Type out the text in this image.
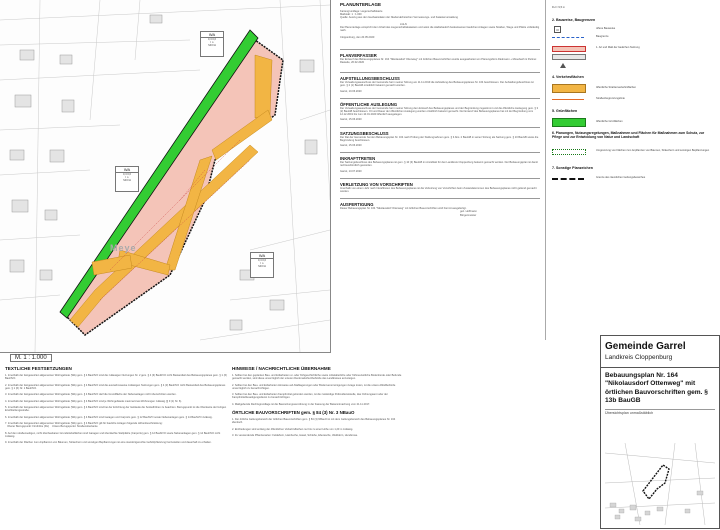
WA
0,3 0,6
I o
SD FH
WA
0,3 0,6
I o
SD FH
WA
0,3 0,6
I o
SD FH
Meye
M. 1 : 1.000
TEXTLICHE FESTSETZUNGEN
1. Innerhalb der festgesetzten allgemeinen Wohngebiete (WA) gem. § 4 BauNVO sind die zulässigen Nutzungen Nr. 2 gem. § 4 (3) BauNVO nicht Bestandteil des Bebauungsplanes gem. § 1 (6) BauNVO.

2. Innerhalb der festgesetzten allgemeinen Wohngebiete (WA) gem. § 4 BauNVO sind die ausnahmsweise zulässigen Nutzungen gem. § 4 (3) BauNVO nicht Bestandteil des Bebauungsplanes gem. § 1 (6) Nr. 1 BauNVO.

3. Innerhalb der festgesetzten allgemeinen Wohngebiete (WA) gem. § 4 BauNVO darf die Grundfläche der Nebenanlagen nicht überschritten werden.

4. Innerhalb der festgesetzten allgemeinen Wohngebiete (WA) gem. § 4 BauNVO sind je Wohngebäude maximal zwei Wohnungen zulässig (§ 9 (1) Nr. 6).

5. Innerhalb der festgesetzten allgemeinen Wohngebiete (WA) gem. § 4 BauNVO sind bei der Errichtung der Gebäude die Sockelhöhen zu beachten. Bezugspunkt ist die Oberkante der fertigen Erschließungsstraße.

6. Innerhalb der festgesetzten allgemeinen Wohngebiete (WA) gem. § 4 BauNVO sind Garagen und Carports gem. § 12 BauNVO sowie Nebenanlagen gem. § 14 BauNVO zulässig.

7. Innerhalb der festgesetzten allgemeinen Wohngebiete (WA) gem. § 4 BauNVO gilt für bauliche Anlagen folgende Höhenbeschränkung:
Oberer Bezugspunkt: Firsthöhe (FH)    Untere Bezugspunkt: Straßenoberkante

8. Auf den straßenseitigen, nicht überbaubaren Grundstücksflächen sind Garagen und überdachte Stellplätze (Carports) gem. § 12 BauNVO sowie Nebenanlagen gem. § 14 BauNVO nicht zulässig.

9. Innerhalb der Flächen zum Anpflanzen von Bäumen, Sträuchern und sonstigen Bepflanzungen ist eine standortgerechte Gehölzpflanzung herzustellen und dauerhaft zu erhalten.
HINWEISE / NACHRICHTLICHE ÜBERNAHME
1. Sollten bei den geplanten Bau- und Erdarbeiten ur- oder frühgeschichtliche sowie mittelalterliche oder frühneuzeitliche Bodenfunde oder Befunde gemacht werden, sind diese unverzüglich der unteren Denkmalschutzbehörde des Landkreises anzuzeigen.

2. Sollten bei den Bau- und Erdarbeiten Hinweise auf Altablagerungen oder Bodenverunreinigungen zutage treten, ist die untere Abfallbehörde unverzüglich zu benachrichtigen.

3. Sollten bei den Bau- und Erdarbeiten Kampfmittel gefunden werden, ist die zuständige Polizeidienststelle, das Ordnungsamt oder der Kampfmittelbeseitigungsdienst zu benachrichtigen.

4. Maßgebende Rechtsgrundlage ist die Baunutzungsverordnung in der Fassung der Bekanntmachung vom 21.11.2017.
ÖRTLICHE BAUVORSCHRIFTEN gem. § 84 (3) Nr. 3 NBauO
1. Der örtliche Geltungsbereich der örtlichen Bauvorschriften gem. § 84 (3) NBauO ist mit dem Geltungsbereich des Bebauungsplanes Nr. 164 identisch.

2. Einfriedungen sind entlang der öffentlichen Verkehrsflächen nur bis zu einer Höhe von 1,20 m zulässig.

3. Zu verwendende Pflanzenarten: Feldahorn, Hainbuche, Hasel, Schlehe, Eberesche, Weißdorn, Hundsrose.
PLANUNTERLAGE
Kartengrundlage: Liegenschaftskarte
Maßstab: 1 : 1.000
Quelle: Auszug aus den Geobasisdaten der Niedersächsischen Vermessungs- und Katasterverwaltung

LGLN
Die Planunterlage entspricht dem Inhalt des Liegenschaftskatasters und weist die städtebaulich bedeutsamen baulichen Anlagen sowie Straßen, Wege und Plätze vollständig nach.

Cloppenburg, den 20.05.2020
PLANVERFASSER
Der Entwurf des Bebauungsplanes Nr. 164 "Nikolausdorf Ottenweg" mit örtlichen Bauvorschriften wurde ausgearbeitet von Planungsbüro Diekmann + Mosebach & Partner.
Rastede, 26.02.2020
AUFSTELLUNGSBESCHLUSS
Der Verwaltungsausschuss der Gemeinde hat in seiner Sitzung am 11.11.2019 die Aufstellung des Bebauungsplanes Nr. 164 beschlossen. Der Aufstellungsbeschluss ist gem. § 2 (1) BauGB ortsüblich bekannt gemacht worden.
Garrel, 10.06.2020
ÖFFENTLICHE AUSLEGUNG
Der Verwaltungsausschuss der Gemeinde hat in seiner Sitzung dem Entwurf des Bebauungsplanes und der Begründung zugestimmt und die öffentliche Auslegung gem. § 3 (2) BauGB beschlossen. Ort und Dauer der öffentlichen Auslegung wurden ortsüblich bekannt gemacht. Der Entwurf des Bebauungsplanes hat mit der Begründung vom 12.12.2019 bis zum 10.01.2020 öffentlich ausgelegen.
Garrel, 15.06.2020
SATZUNGSBESCHLUSS
Der Rat der Gemeinde hat den Bebauungsplan Nr. 164 nach Prüfung der Stellungnahmen gem. § 3 Abs. 2 BauGB in seiner Sitzung als Satzung gem. § 10 BauGB sowie die Begründung beschlossen.
Garrel, 15.06.2020
INKRAFTTRETEN
Der Satzungsbeschluss des Bebauungsplanes ist gem. § 10 (3) BauGB im Amtsblatt für den Landkreis Cloppenburg bekannt gemacht worden. Der Bebauungsplan ist damit rechtsverbindlich geworden.
Garrel, 13.07.2020
VERLETZUNG VON VORSCHRIFTEN
Innerhalb von einem Jahr nach Inkrafttreten des Bebauungsplanes ist die Verletzung von Vorschriften beim Zustandekommen des Bebauungsplanes nicht geltend gemacht worden.
AUSFERTIGUNG
Dieser Bebauungsplan Nr. 164 "Nikolausdorf Ottenweg" mit örtlichen Bauvorschriften wird hiermit ausgefertigt.
gez. Hoffmann
Bürgermeister
FH = 9,5 m
2. Bauweise, Baugrenzen
o	offene Bauweise
Baugrenze
1. Art und Maß der baulichen Nutzung
4. Verkehrsflächen
öffentliche Straßenverkehrsflächen
Straßenbegrenzungslinie
5. Grünflächen
öffentliche Grünflächen
6. Planungen, Nutzungsregelungen, Maßnahmen und Flächen für Maßnahmen zum Schutz, zur Pflege und zur Entwicklung von Natur und Landschaft
Umgrenzung von Flächen zum Anpflanzen von Bäumen, Sträuchern und sonstigen Bepflanzungen
7. Sonstige Planzeichen
Grenze des räumlichen Geltungsbereiches
Gemeinde Garrel
Landkreis Cloppenburg
Bebauungsplan Nr. 164 "Nikolausdorf Ottenweg" mit örtlichen Bauvorschriften gem. § 13b BauGB
Übersichtsplan unmaßstäblich
